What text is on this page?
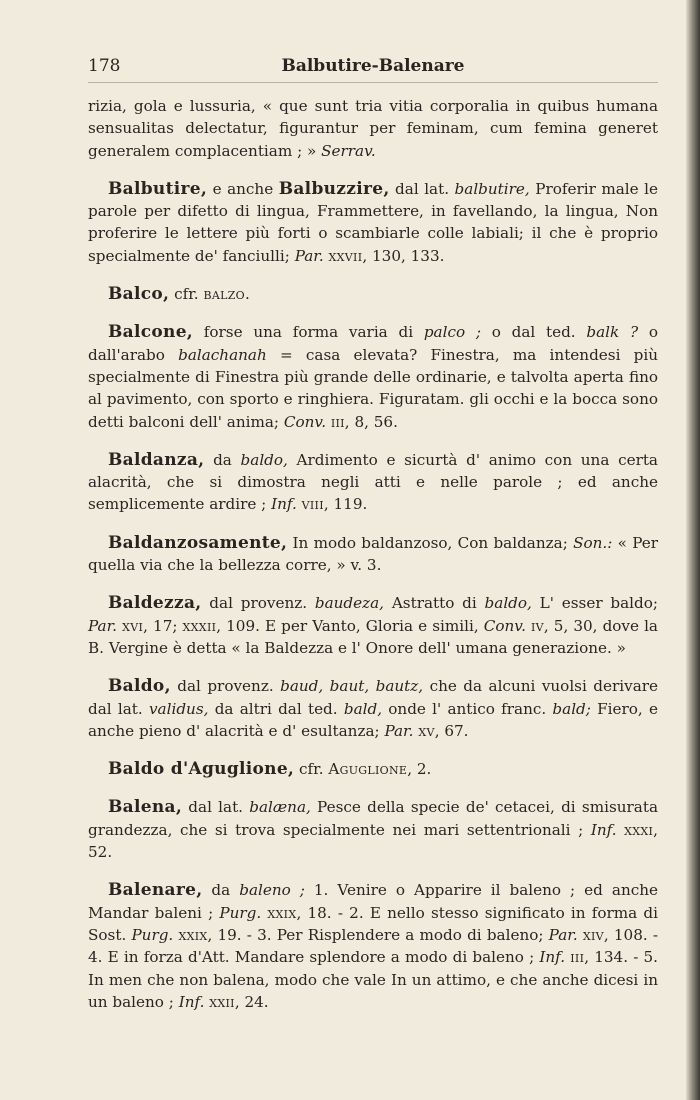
178	Balbutire-Balenare

rizia, gola e lussuria, « que sunt tria vitia corporalia in quibus humana sensualitas delectatur, figurantur per feminam, cum femina generet generalem complacentiam ; » Serrav.

Balbutire, e anche Balbuzzire, dal lat. balbutire, Proferir male le parole per difetto di lingua, Frammettere, in favellando, la lingua, Non proferire le lettere più forti o scambiarle colle labiali; il che è proprio specialmente de' fanciulli; Par. xxvii, 130, 133.

Balco, cfr. balzo.

Balcone, forse una forma varia di palco ; o dal ted. balk ? o dall'arabo balachanah = casa elevata? Finestra, ma intendesi più specialmente di Finestra più grande delle ordinarie, e talvolta aperta fino al pavimento, con sporto e ringhiera. Figuratam. gli occhi e la bocca sono detti balconi dell' anima; Conv. iii, 8, 56.

Baldanza, da baldo, Ardimento e sicurtà d' animo con una certa alacrità, che si dimostra negli atti e nelle parole ; ed anche semplicemente ardire ; Inf. viii, 119.

Baldanzosamente, In modo baldanzoso, Con baldanza; Son.: « Per quella via che la bellezza corre, » v. 3.

Baldezza, dal provenz. baudeza, Astratto di baldo, L' esser baldo; Par. xvi, 17; xxxii, 109. E per Vanto, Gloria e simili, Conv. iv, 5, 30, dove la B. Vergine è detta « la Baldezza e l' Onore dell' umana generazione. »

Baldo, dal provenz. baud, baut, bautz, che da alcuni vuolsi derivare dal lat. validus, da altri dal ted. bald, onde l' antico franc. bald; Fiero, e anche pieno d' alacrità e d' esultanza; Par. xv, 67.

Baldo d'Aguglione, cfr. Aguglione, 2.

Balena, dal lat. balæna, Pesce della specie de' cetacei, di smisurata grandezza, che si trova specialmente nei mari settentrionali ; Inf. xxxi, 52.

Balenare, da baleno ; 1. Venire o Apparire il baleno ; ed anche Mandar baleni ; Purg. xxix, 18. - 2. E nello stesso significato in forma di Sost. Purg. xxix, 19. - 3. Per Risplendere a modo di baleno; Par. xiv, 108. - 4. E in forza d'Att. Mandare splendore a modo di baleno ; Inf. iii, 134. - 5. In men che non balena, modo che vale In un attimo, e che anche dicesi in un baleno ; Inf. xxii, 24.
